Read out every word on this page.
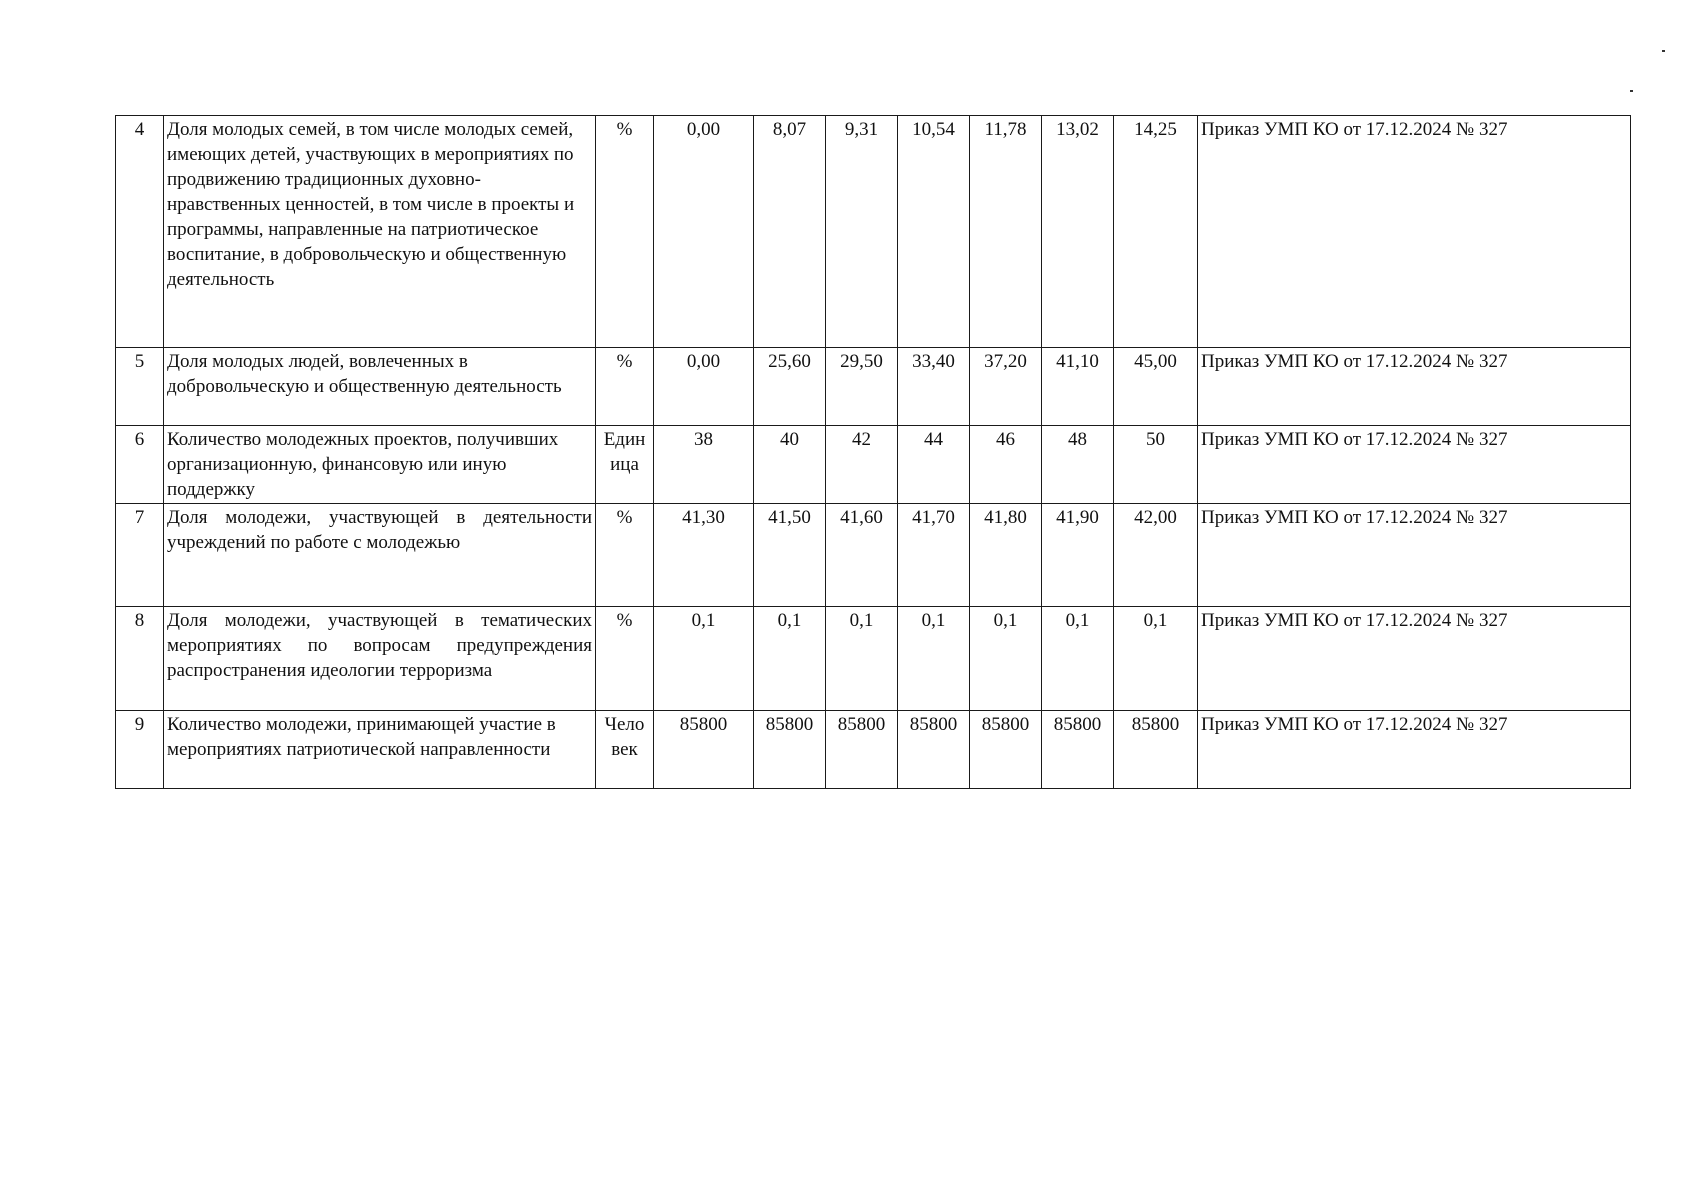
4	Доля молодых семей, в том числе молодых семей, имеющих детей, участвующих в мероприятиях по продвижению традиционных духовно-нравственных ценностей, в том числе в проекты и программы, направленные на патриотическое воспитание, в добровольческую и общественную деятельность	%	0,00	8,07	9,31	10,54	11,78	13,02	14,25	Приказ УМП КО от 17.12.2024 № 327
5	Доля молодых людей, вовлеченных в добровольческую и общественную деятельность	%	0,00	25,60	29,50	33,40	37,20	41,10	45,00	Приказ УМП КО от 17.12.2024 № 327
6	Количество молодежных проектов, получивших организационную, финансовую или иную поддержку	Един ица	38	40	42	44	46	48	50	Приказ УМП КО от 17.12.2024 № 327
7	Доля молодежи, участвующей в деятельности учреждений по работе с молодежью	%	41,30	41,50	41,60	41,70	41,80	41,90	42,00	Приказ УМП КО от 17.12.2024 № 327
8	Доля молодежи, участвующей в тематических мероприятиях по вопросам предупреждения распространения идеологии терроризма	%	0,1	0,1	0,1	0,1	0,1	0,1	0,1	Приказ УМП КО от 17.12.2024 № 327
9	Количество молодежи, принимающей участие в мероприятиях патриотической направленности	Чело век	85800	85800	85800	85800	85800	85800	85800	Приказ УМП КО от 17.12.2024 № 327
